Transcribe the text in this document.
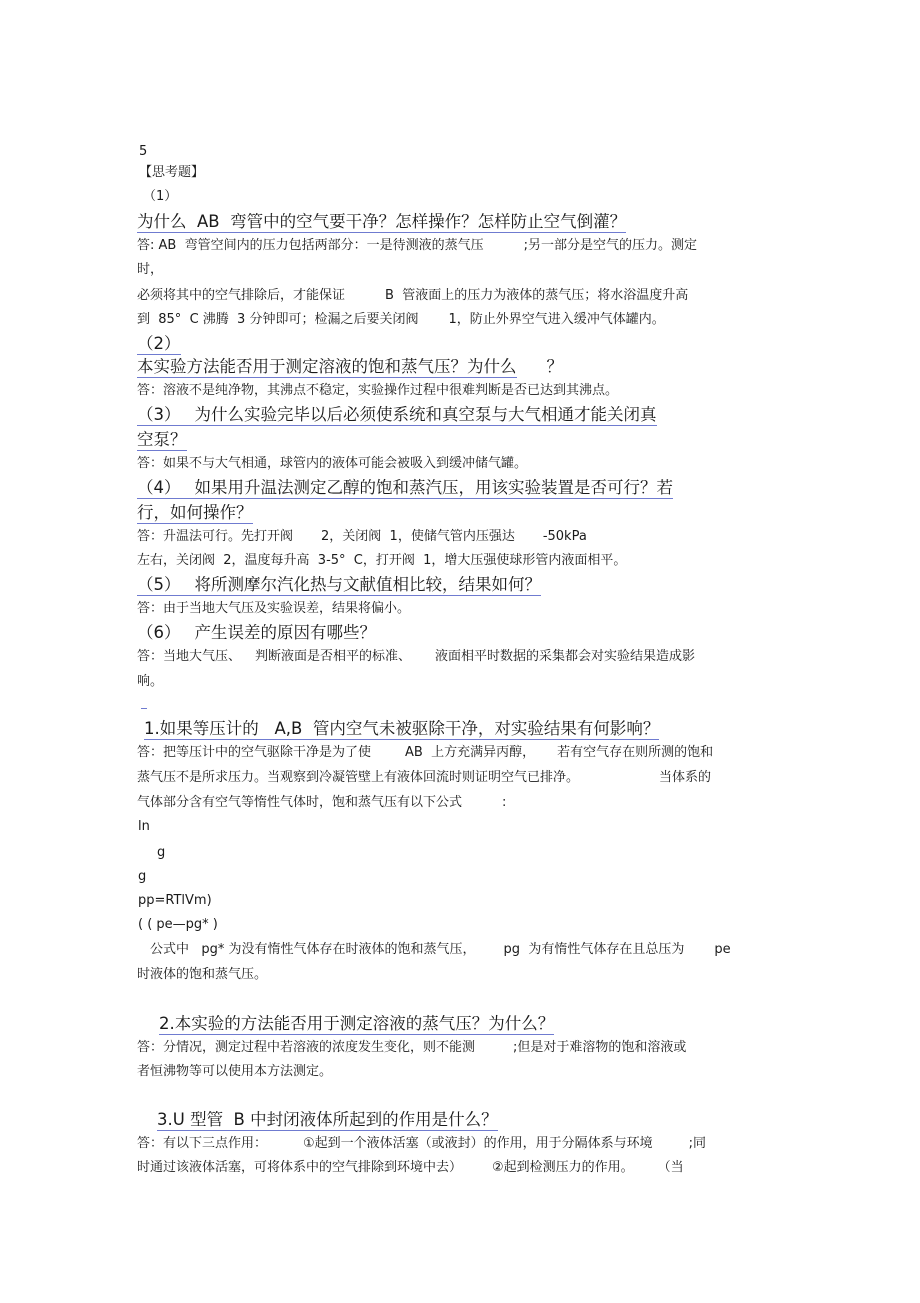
5
【思考题】
（1）
为什么  AB  弯管中的空气要干净？怎样操作？怎样防止空气倒灌？
答: AB  弯管空间内的压力包括两部分：一是待测液的蒸气压	;另一部分是空气的压力。测定
时，
必须将其中的空气排除后，才能保证	B  管液面上的压力为液体的蒸气压；将水浴温度升高
到  85°  C 沸腾  3 分钟即可；检漏之后要关闭阀 1，防止外界空气进入缓冲气体罐内。
（2）
本实验方法能否用于测定溶液的饱和蒸气压？为什么 ？
答：溶液不是纯净物，其沸点不稳定，实验操作过程中很难判断是否已达到其沸点。
（3） 为什么实验完毕以后必须使系统和真空泵与大气相通才能关闭真
空泵？
答：如果不与大气相通，球管内的液体可能会被吸入到缓冲储气罐。
（4） 如果用升温法测定乙醇的饱和蒸汽压，用该实验装置是否可行？若
行，如何操作？
答：升温法可行。先打开阀 2，关闭阀  1，使储气管内压强达 -50kPa
左右，关闭阀  2，温度每升高  3-5°  C，打开阀  1，增大压强使球形管内液面相平。
（5） 将所测摩尔汽化热与文献值相比较，结果如何？
答：由于当地大气压及实验误差，结果将偏小。
（6） 产生误差的原因有哪些？
答：当地大气压、 判断液面是否相平的标准、 液面相平时数据的采集都会对实验结果造成影
响。
1.如果等压计的   A,B  管内空气未被驱除干净，对实验结果有何影响？
答：把等压计中的空气驱除干净是为了使	AB  上方充满异丙醇， 若有空气存在则所测的饱和
蒸气压不是所求压力。当观察到冷凝管壁上有液体回流时则证明空气已排净。	当体系的
气体部分含有空气等惰性气体时，饱和蒸气压有以下公式	:
ln
g
g
pp=RTlVm)
( ( pe—pg* )
公式中   pg* 为没有惰性气体存在时液体的饱和蒸气压， pg  为有惰性气体存在且总压为 pe
时液体的饱和蒸气压。
2.本实验的方法能否用于测定溶液的蒸气压？为什么？
答：分情况，测定过程中若溶液的浓度发生变化，则不能测	;但是对于难溶物的饱和溶液或
者恒沸物等可以使用本方法测定。
3.U 型管  B 中封闭液体所起到的作用是什么？
答：有以下三点作用：	①起到一个液体活塞（或液封）的作用，用于分隔体系与环境	;同
时通过该液体活塞，可将体系中的空气排除到环境中去） ②起到检测压力的作用。 （当
